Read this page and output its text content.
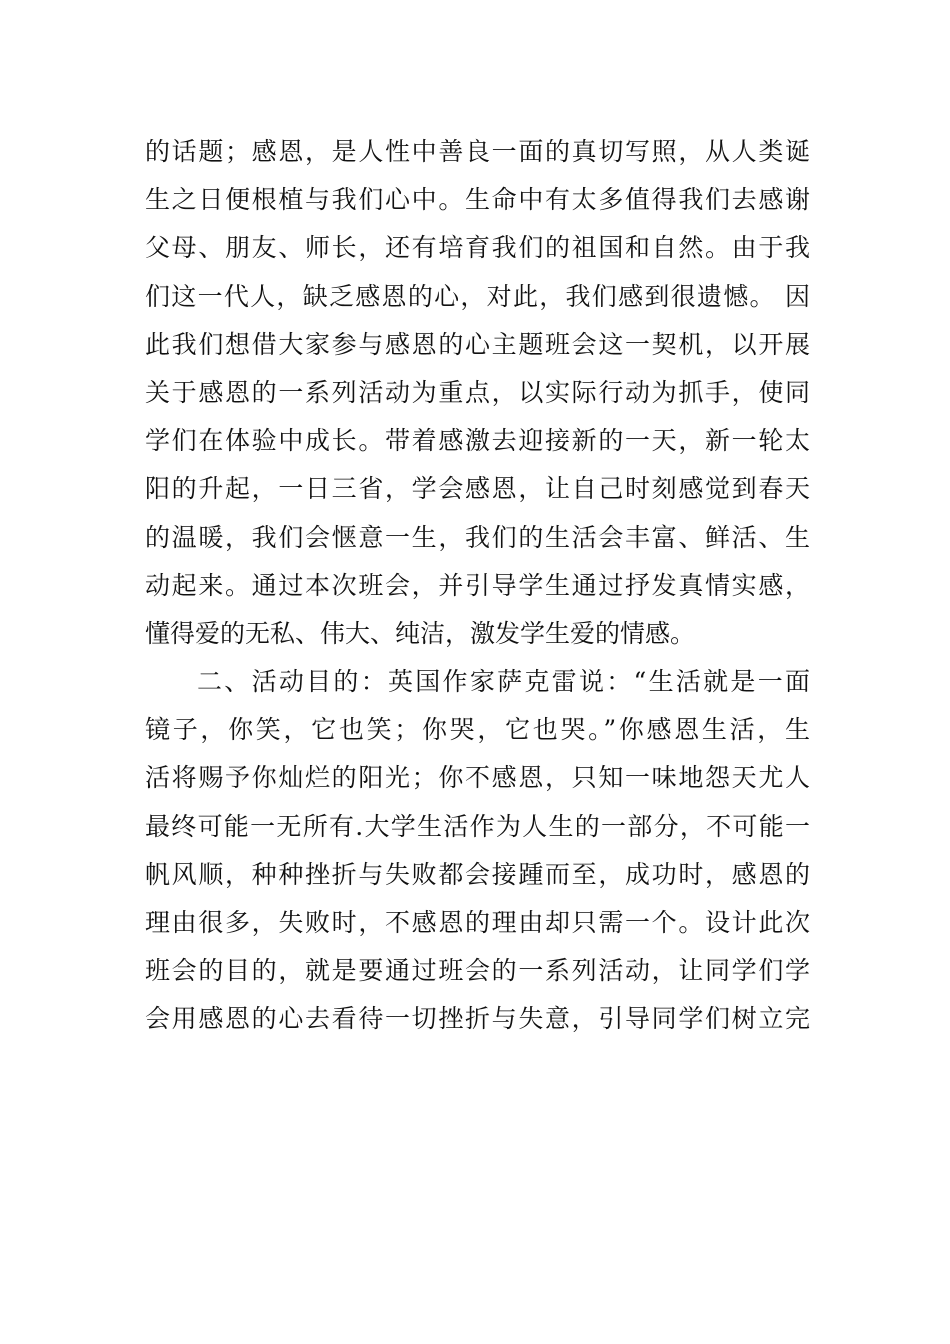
的话题；感恩，是人性中善良一面的真切写照，从人类诞
生之日便根植与我们心中。生命中有太多值得我们去感谢
父母、朋友、师长，还有培育我们的祖国和自然。由于我
们这一代人，缺乏感恩的心，对此，我们感到很遗憾。 因
此我们想借大家参与感恩的心主题班会这一契机，以开展
关于感恩的一系列活动为重点，以实际行动为抓手，使同
学们在体验中成长。带着感激去迎接新的一天，新一轮太
阳的升起，一日三省，学会感恩，让自己时刻感觉到春天
的温暖，我们会惬意一生，我们的生活会丰富、鲜活、生
动起来。通过本次班会，并引导学生通过抒发真情实感，
懂得爱的无私、伟大、纯洁，激发学生爱的情感。
二、活动目的：英国作家萨克雷说：“生活就是一面
镜子，你笑，它也笑；你哭，它也哭。”你感恩生活，生
活将赐予你灿烂的阳光；你不感恩，只知一味地怨天尤人
最终可能一无所有.大学生活作为人生的一部分，不可能一
帆风顺，种种挫折与失败都会接踵而至，成功时，感恩的
理由很多，失败时，不感恩的理由却只需一个。设计此次
班会的目的，就是要通过班会的一系列活动，让同学们学
会用感恩的心去看待一切挫折与失意，引导同学们树立完
